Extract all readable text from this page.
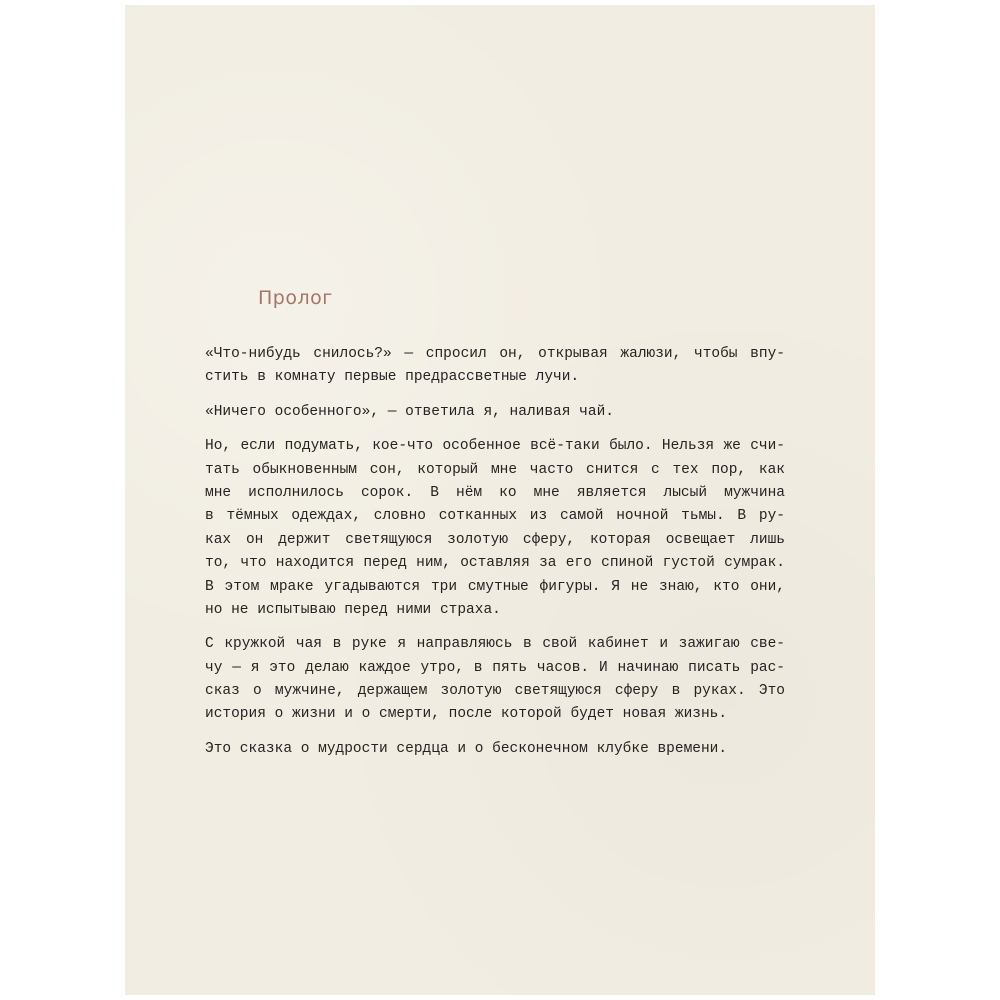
Пролог

«Что-нибудь снилось?» — спросил он, открывая жалюзи, чтобы впу-
стить в комнату первые предрассветные лучи.

«Ничего особенного», — ответила я, наливая чай.

Но, если подумать, кое-что особенное всё-таки было. Нельзя же счи-
тать обыкновенным сон, который мне часто снится с тех пор, как
мне исполнилось сорок. В нём ко мне является лысый мужчина
в тёмных одеждах, словно сотканных из самой ночной тьмы. В ру-
ках он держит светящуюся золотую сферу, которая освещает лишь
то, что находится перед ним, оставляя за его спиной густой сумрак.
В этом мраке угадываются три смутные фигуры. Я не знаю, кто они,
но не испытываю перед ними страха.

С кружкой чая в руке я направляюсь в свой кабинет и зажигаю све-
чу — я это делаю каждое утро, в пять часов. И начинаю писать рас-
сказ о мужчине, держащем золотую светящуюся сферу в руках. Это
история о жизни и о смерти, после которой будет новая жизнь.

Это сказка о мудрости сердца и о бесконечном клубке времени.
